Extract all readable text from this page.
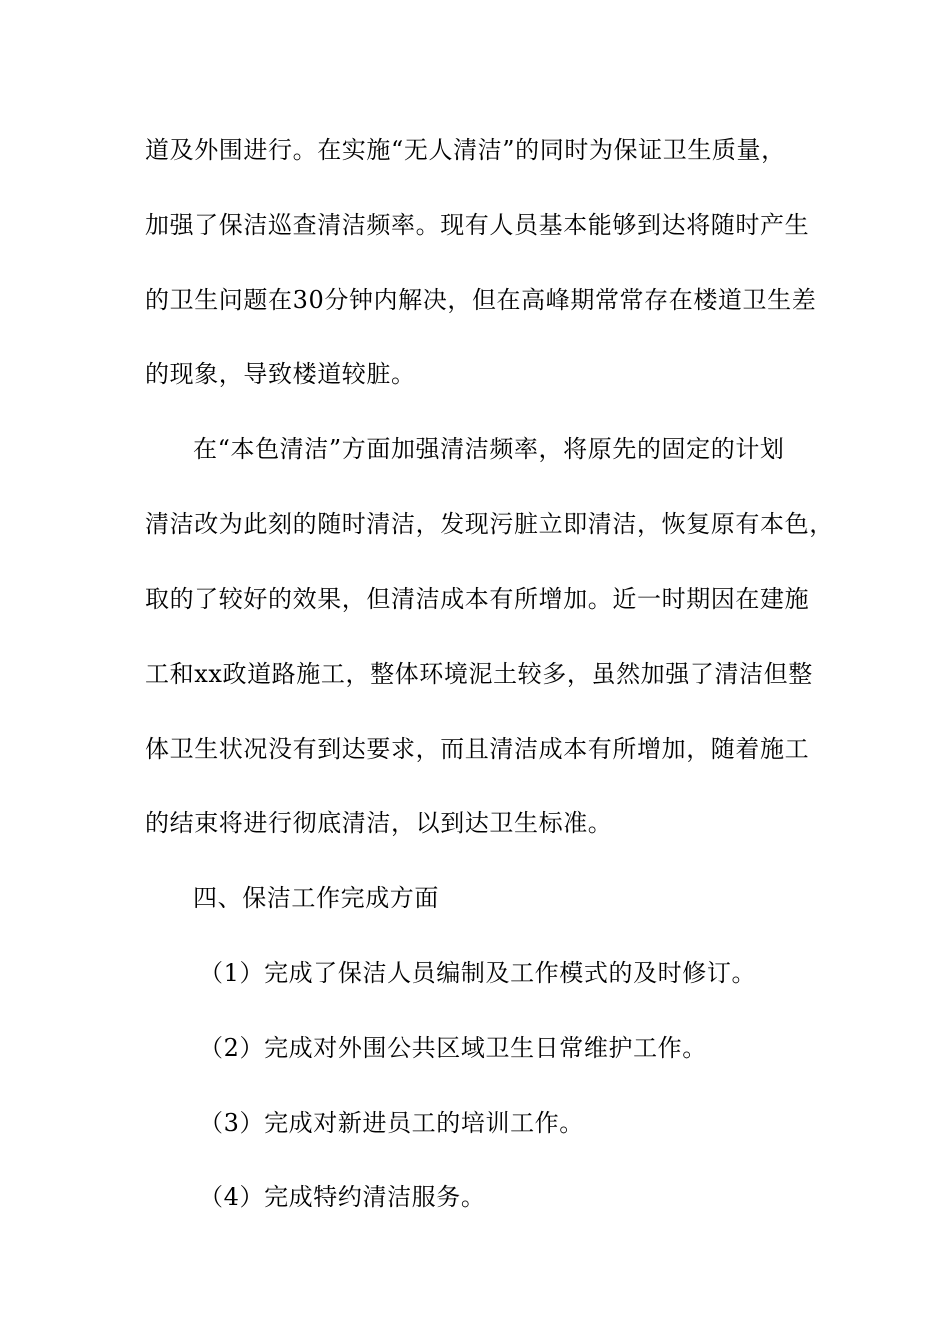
道及外围进行。在实施“无人清洁”的同时为保证卫生质量，
加强了保洁巡查清洁频率。现有人员基本能够到达将随时产生
的卫生问题在30分钟内解决，但在高峰期常常存在楼道卫生差
的现象，导致楼道较脏。
在“本色清洁”方面加强清洁频率，将原先的固定的计划
清洁改为此刻的随时清洁，发现污脏立即清洁，恢复原有本色，
取的了较好的效果，但清洁成本有所增加。近一时期因在建施
工和xx政道路施工，整体环境泥土较多，虽然加强了清洁但整
体卫生状况没有到达要求，而且清洁成本有所增加，随着施工
的结束将进行彻底清洁，以到达卫生标准。
四、保洁工作完成方面
（1）完成了保洁人员编制及工作模式的及时修订。
（2）完成对外围公共区域卫生日常维护工作。
（3）完成对新进员工的培训工作。
（4）完成特约清洁服务。
